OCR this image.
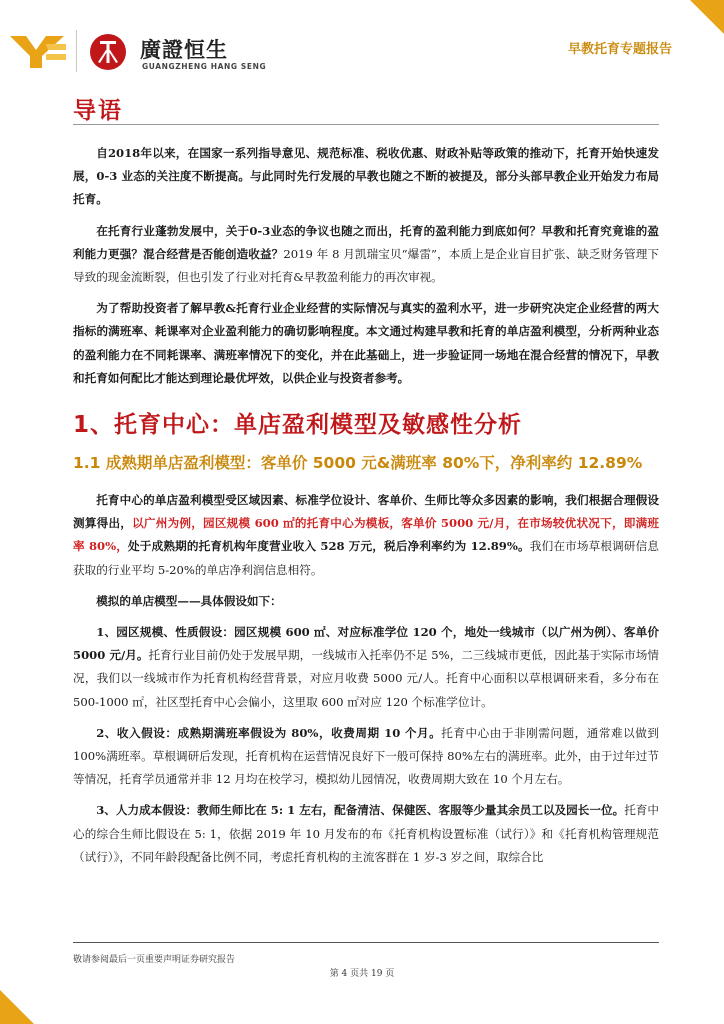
廣證恒生
GUANGZHENG HANG SENG
早教托育专题报告
导语

自2018年以来，在国家一系列指导意见、规范标准、税收优惠、财政补贴等政策的推动下，托育开始快速发展，0-3 业态的关注度不断提高。与此同时先行发展的早教也随之不断的被提及，部分头部早教企业开始发力布局托育。

在托育行业蓬勃发展中，关于0-3业态的争议也随之而出，托育的盈利能力到底如何？早教和托育究竟谁的盈利能力更强？混合经营是否能创造收益？2019 年 8 月凯瑞宝贝“爆雷”，本质上是企业盲目扩张、缺乏财务管理下导致的现金流断裂，但也引发了行业对托育&早教盈利能力的再次审视。

为了帮助投资者了解早教&托育行业企业经营的实际情况与真实的盈利水平，进一步研究决定企业经营的两大指标的满班率、耗课率对企业盈利能力的确切影响程度。本文通过构建早教和托育的单店盈利模型，分析两种业态的盈利能力在不同耗课率、满班率情况下的变化，并在此基础上，进一步验证同一场地在混合经营的情况下，早教和托育如何配比才能达到理论最优坪效，以供企业与投资者参考。

1、托育中心：单店盈利模型及敏感性分析
1.1 成熟期单店盈利模型：客单价 5000 元&满班率 80%下，净利率约 12.89%

托育中心的单店盈利模型受区域因素、标准学位设计、客单价、生师比等众多因素的影响，我们根据合理假设测算得出，以广州为例，园区规模 600 ㎡的托育中心为模板，客单价 5000 元/月，在市场较优状况下，即满班率 80%，处于成熟期的托育机构年度营业收入 528 万元，税后净利率约为 12.89%。我们在市场草根调研信息获取的行业平均 5-20%的单店净利润信息相符。

模拟的单店模型——具体假设如下：

1、园区规模、性质假设：园区规模 600 ㎡、对应标准学位 120 个，地处一线城市（以广州为例）、客单价 5000 元/月。托育行业目前仍处于发展早期，一线城市入托率仍不足 5%，二三线城市更低，因此基于实际市场情况，我们以一线城市作为托育机构经营背景，对应月收费 5000 元/人。托育中心面积以草根调研来看，多分布在 500-1000 ㎡，社区型托育中心会偏小，这里取 600 ㎡对应 120 个标准学位计。

2、收入假设：成熟期满班率假设为 80%，收费周期 10 个月。托育中心由于非刚需问题，通常难以做到 100%满班率。草根调研后发现，托育机构在运营情况良好下一般可保持 80%左右的满班率。此外，由于过年过节等情况，托育学员通常并非 12 月均在校学习，模拟幼儿园情况，收费周期大致在 10 个月左右。

3、人力成本假设：教师生师比在 5: 1 左右，配备清洁、保健医、客服等少量其余员工以及园长一位。托育中心的综合生师比假设在 5: 1，依据 2019 年 10 月发布的布《托育机构设置标准（试行）》和《托育机构管理规范（试行）》，不同年龄段配备比例不同，考虑托育机构的主流客群在 1 岁-3 岁之间，取综合比

敬请参阅最后一页重要声明证券研究报告
第 4 页共 19 页
